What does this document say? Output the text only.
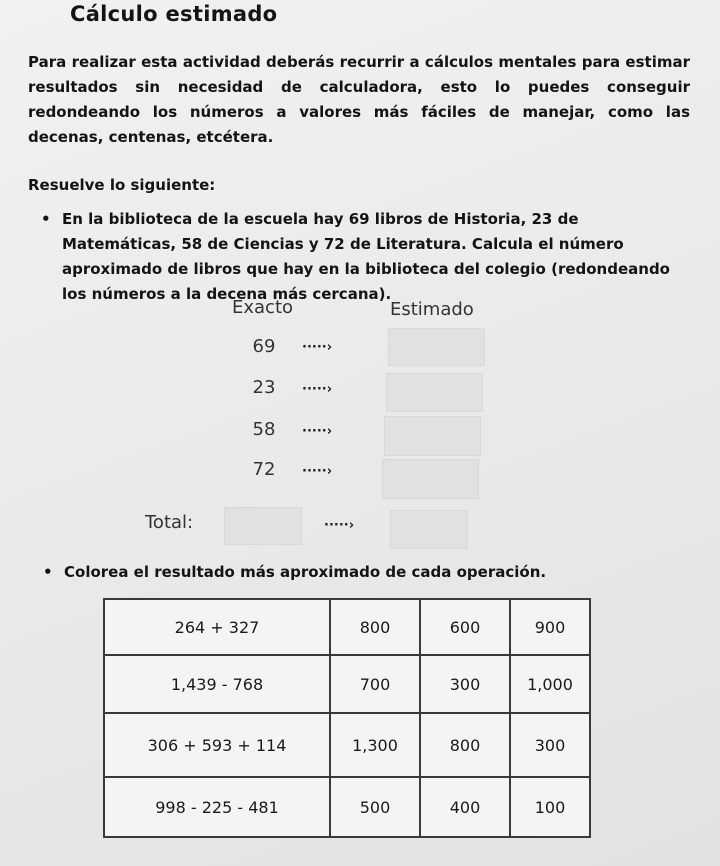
Cálculo estimado
Para realizar esta actividad deberás recurrir a cálculos mentales para estimar resultados sin necesidad de calculadora, esto lo puedes conseguir redondeando los números a valores más fáciles de manejar, como las decenas, centenas, etcétera.
Resuelve lo siguiente:
• En la biblioteca de la escuela hay 69 libros de Historia, 23 de Matemáticas, 58 de Ciencias y 72 de Literatura. Calcula el número aproximado de libros que hay en la biblioteca del colegio (redondeando los números a la decena más cercana).
Exacto	Estimado
69	·····›
23	·····›
58	·····›
72	·····›
Total:	·····›
• Colorea el resultado más aproximado de cada operación.
264 + 327	800	600	900
1,439 - 768	700	300	1,000
306 + 593 + 114	1,300	800	300
998 - 225 - 481	500	400	100
